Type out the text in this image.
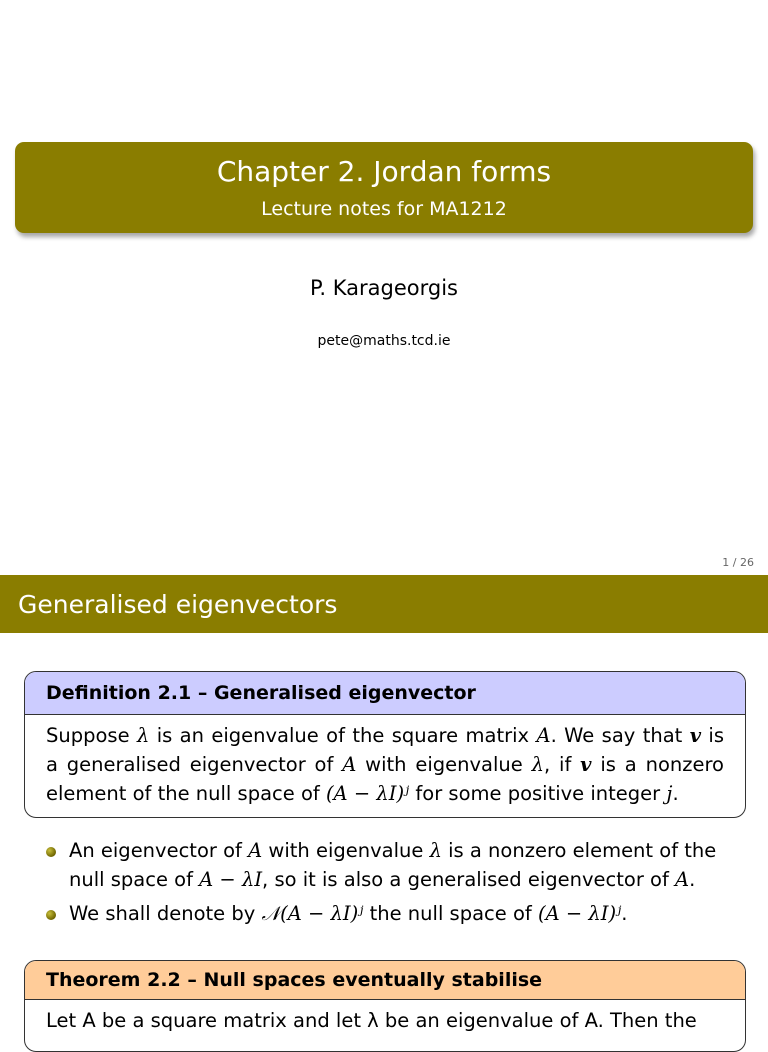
Chapter 2. Jordan forms
Lecture notes for MA1212
P. Karageorgis
pete@maths.tcd.ie
1 / 26
Generalised eigenvectors
Definition 2.1 – Generalised eigenvector
Suppose λ is an eigenvalue of the square matrix A. We say that v is a generalised eigenvector of A with eigenvalue λ, if v is a nonzero element of the null space of (A − λI)ʲ for some positive integer j.
An eigenvector of A with eigenvalue λ is a nonzero element of the null space of A − λI, so it is also a generalised eigenvector of A.
We shall denote by 𝒩(A − λI)ʲ the null space of (A − λI)ʲ.
Theorem 2.2 – Null spaces eventually stabilise
Let A be a square matrix and let λ be an eigenvalue of A. Then the
